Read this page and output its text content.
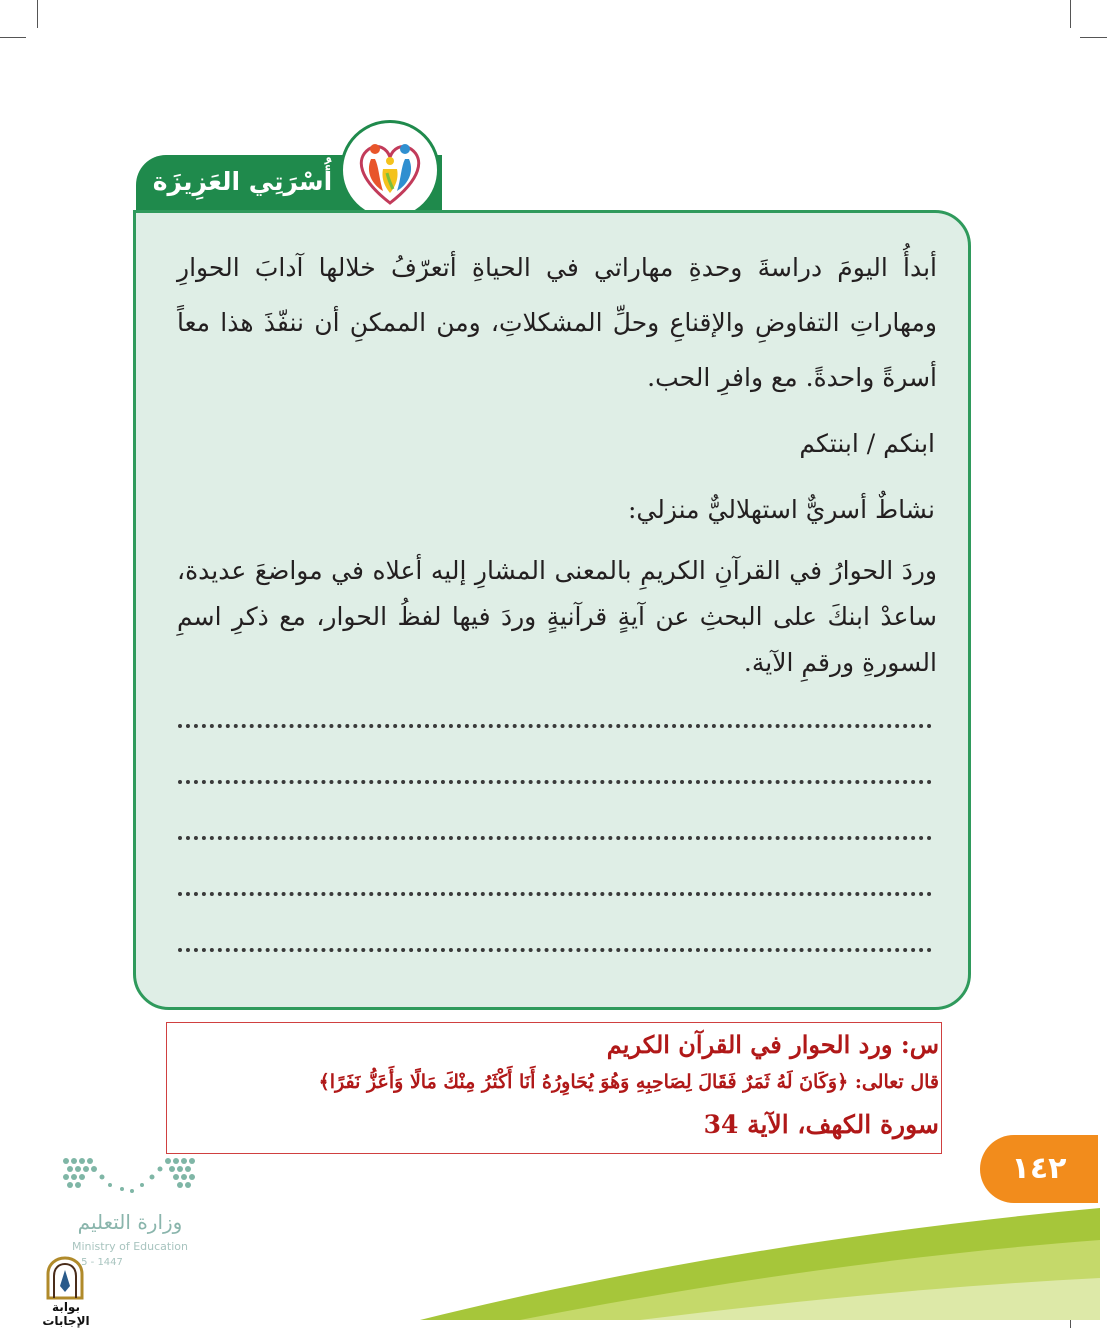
أُسْرَتِي العَزِيزَة
أبدأُ اليومَ دراسةَ وحدةِ مهاراتي في الحياةِ أتعرّفُ خلالها آدابَ الحوارِ ومهاراتِ التفاوضِ والإقناعِ وحلِّ المشكلاتِ، ومن الممكنِ أن ننفّذَ هذا معاً أسرةً واحدةً. مع وافرِ الحب.
ابنكم / ابنتكم
نشاطٌ أسريٌّ استهلاليٌّ منزلي:
وردَ الحوارُ في القرآنِ الكريمِ بالمعنى المشارِ إليه أعلاه في مواضعَ عديدة، ساعدْ ابنكَ على البحثِ عن آيةٍ قرآنيةٍ وردَ فيها لفظُ الحوار، مع ذكرِ اسمِ السورةِ ورقمِ الآية.
س: ورد الحوار في القرآن الكريم
قال تعالى: ﴿وَكَانَ لَهُ ثَمَرٌ فَقَالَ لِصَاحِبِهِ وَهُوَ يُحَاوِرُهُ أَنَا أَكْثَرُ مِنْكَ مَالًا وَأَعَزُّ نَفَرًا﴾
سورة الكهف، الآية 34
١٤٢
وزارة التعليم
Ministry of Education
5 - 1447
بوابة الإجابات
